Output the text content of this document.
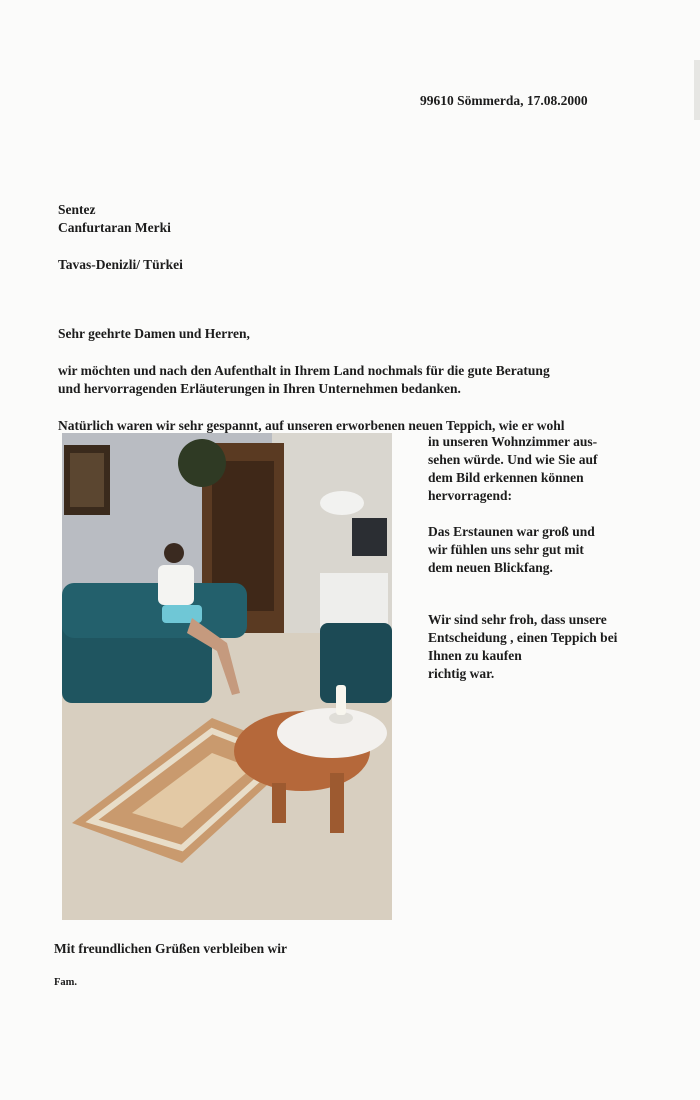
99610 Sömmerda, 17.08.2000
Sentez
Canfurtaran Merki
Tavas-Denizli/ Türkei
Sehr geehrte Damen und Herren,
wir möchten und nach den Aufenthalt in Ihrem Land nochmals für die gute Beratung
und hervorragenden Erläuterungen in Ihren Unternehmen bedanken.
Natürlich waren wir sehr gespannt, auf unseren erworbenen neuen Teppich, wie er wohl

in unseren Wohnzimmer aus-
sehen würde. Und wie Sie auf
dem Bild erkennen können
hervorragend:

Das Erstaunen war groß und
wir fühlen uns sehr gut mit
dem neuen Blickfang.

Wir sind sehr froh, dass unsere
Entscheidung , einen Teppich bei
Ihnen zu kaufen
richtig war.

Mit freundlichen Grüßen verbleiben wir
Fam.
